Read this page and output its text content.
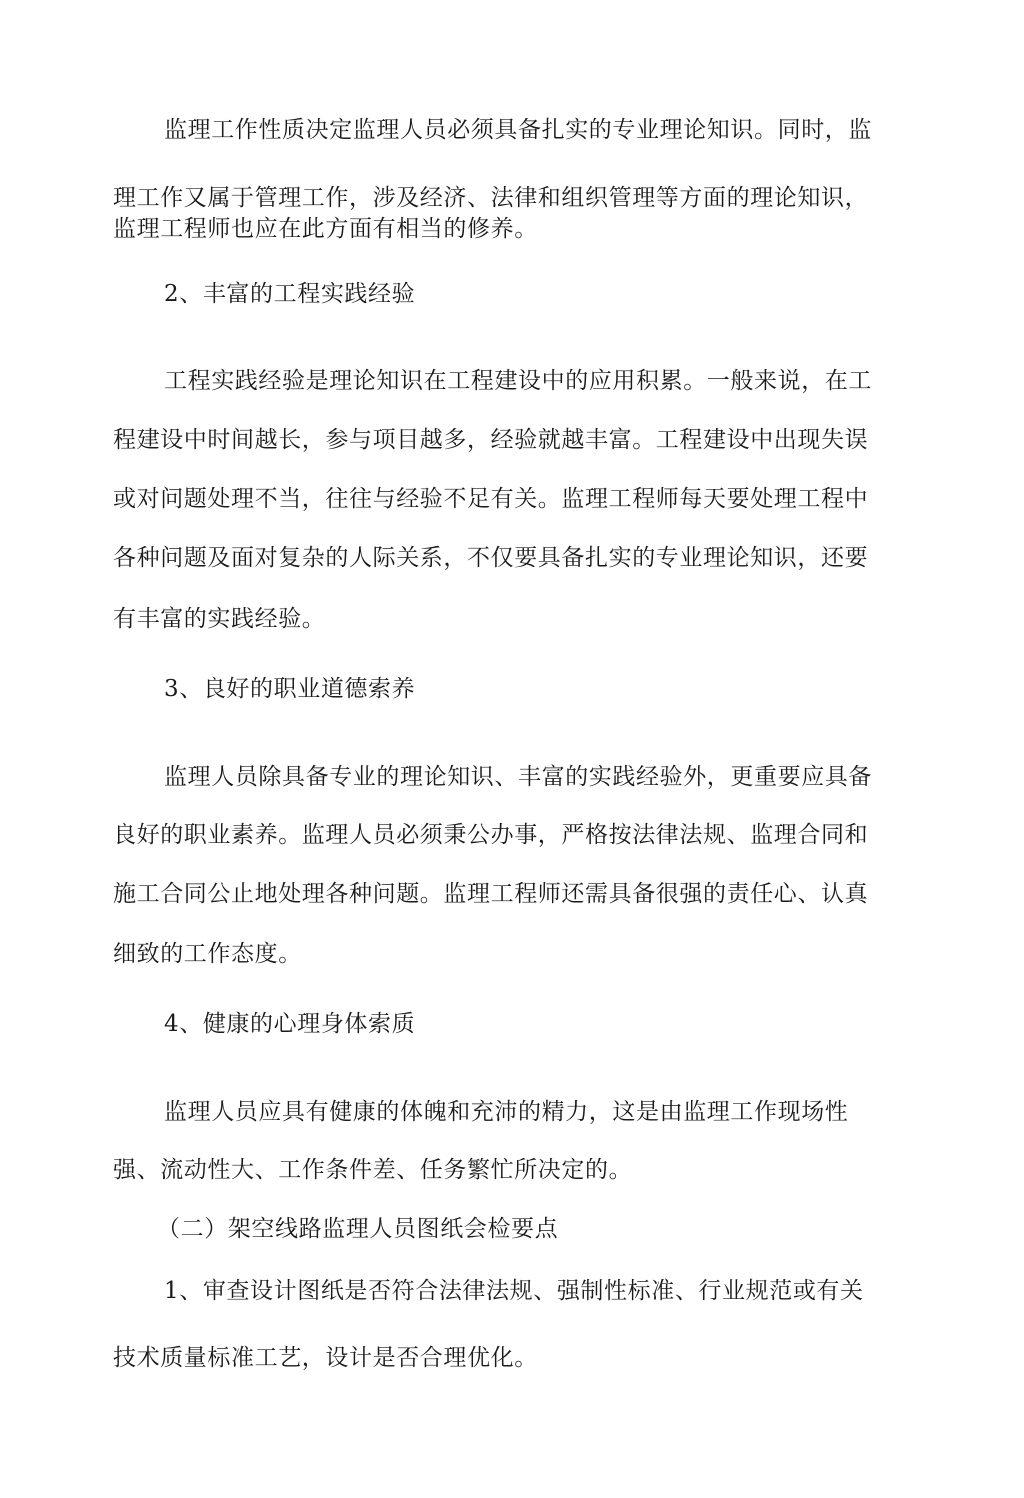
监理工作性质决定监理人员必须具备扎实的专业理论知识。同时，监
理工作又属于管理工作，涉及经济、法律和组织管理等方面的理论知识，
监理工程师也应在此方面有相当的修养。
2、丰富的工程实践经验
工程实践经验是理论知识在工程建设中的应用积累。一般来说，在工
程建设中时间越长，参与项目越多，经验就越丰富。工程建设中出现失误
或对问题处理不当，往往与经验不足有关。监理工程师每天要处理工程中
各种问题及面对复杂的人际关系，不仅要具备扎实的专业理论知识，还要
有丰富的实践经验。
3、良好的职业道德索养
监理人员除具备专业的理论知识、丰富的实践经验外，更重要应具备
良好的职业素养。监理人员必须秉公办事，严格按法律法规、监理合同和
施工合同公止地处理各种问题。监理工程师还需具备很强的责任心、认真
细致的工作态度。
4、健康的心理身体索质
监理人员应具有健康的体魄和充沛的精力，这是由监理工作现场性
强、流动性大、工作条件差、任务繁忙所决定的。
（二）架空线路监理人员图纸会检要点
1、审查设计图纸是否符合法律法规、强制性标准、行业规范或有关
技术质量标准工艺，设计是否合理优化。
